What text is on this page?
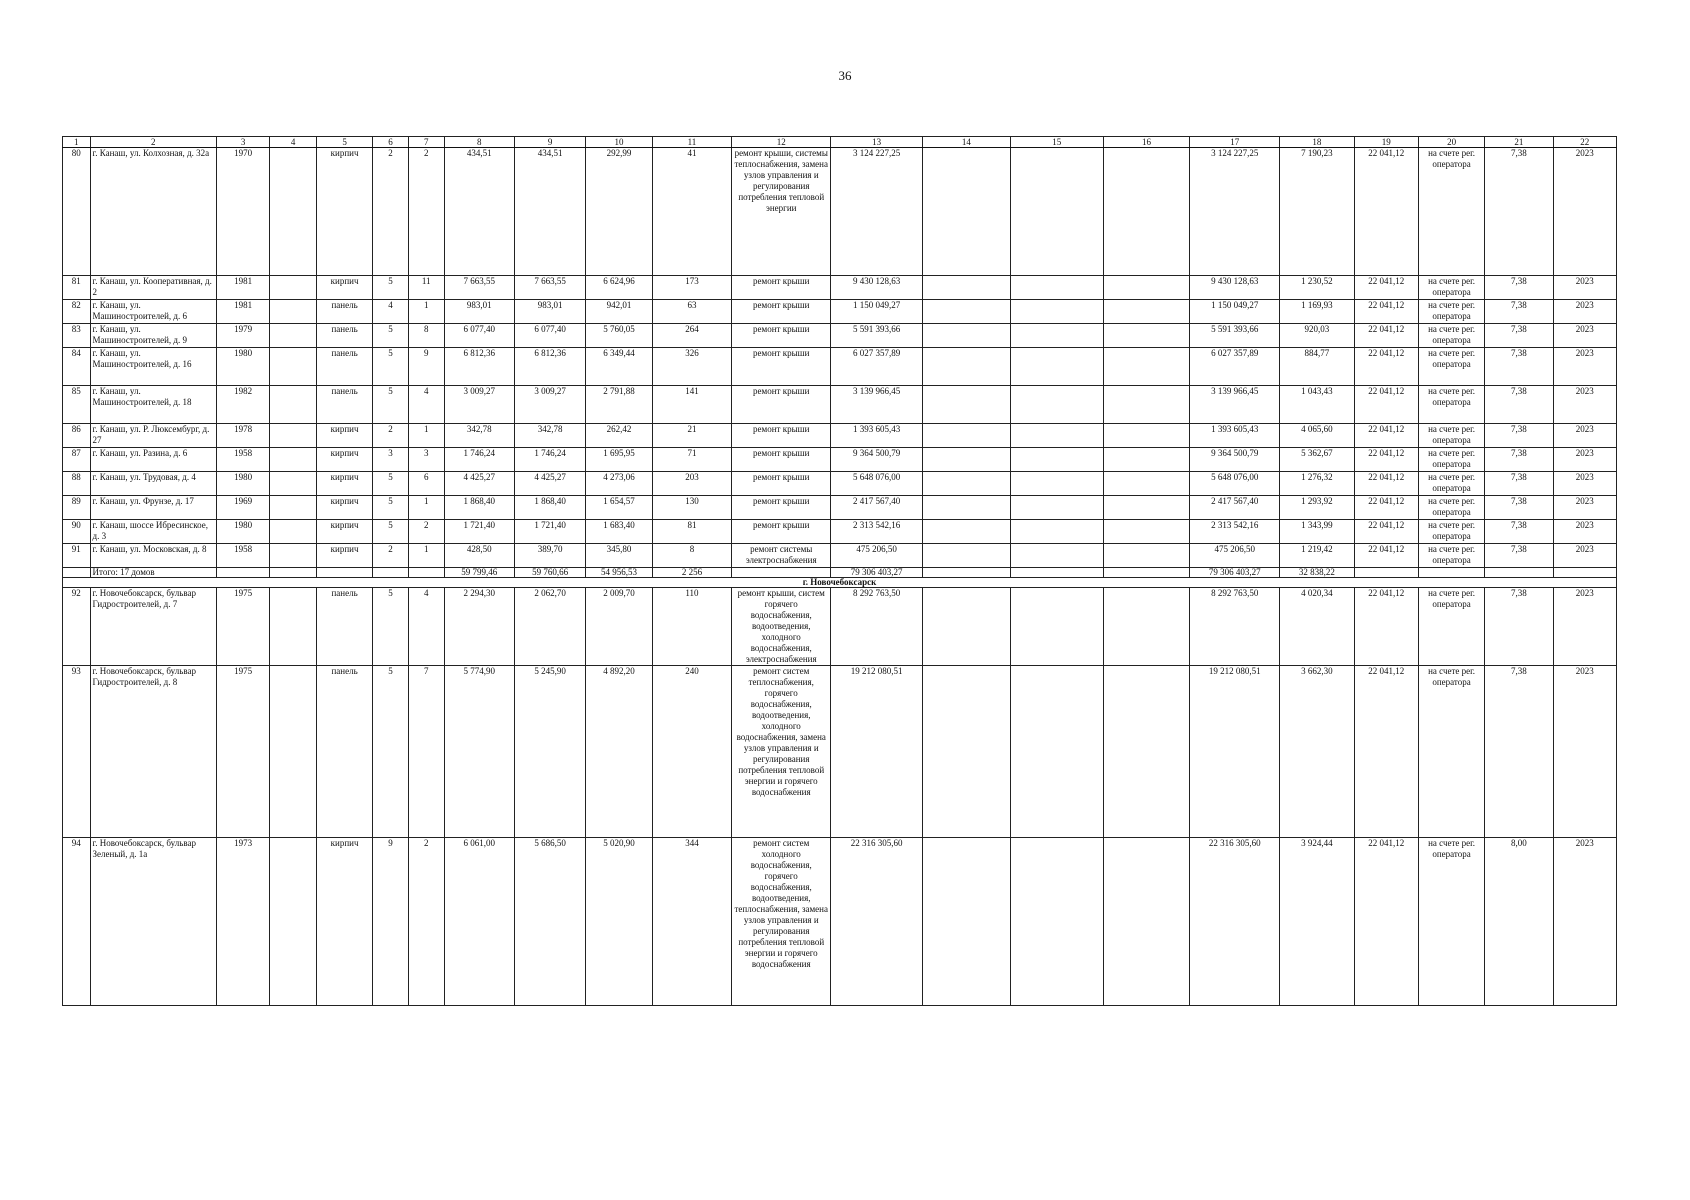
36
1	2	3	4	5	6	7	8	9	10	11	12	13	14	15	16	17	18	19	20	21	22
80	г. Канаш, ул. Колхозная, д. 32а	1970		кирпич	2	2	434,51	434,51	292,99	41	ремонт крыши, системы теплоснабжения, замена узлов управления и регулирования потребления тепловой энергии	3 124 227,25				3 124 227,25	7 190,23	22 041,12	на счете рег. оператора	7,38	2023
81	г. Канаш, ул. Кооперативная, д. 2	1981		кирпич	5	11	7 663,55	7 663,55	6 624,96	173	ремонт крыши	9 430 128,63				9 430 128,63	1 230,52	22 041,12	на счете рег. оператора	7,38	2023
82	г. Канаш, ул. Машиностроителей, д. 6	1981		панель	4	1	983,01	983,01	942,01	63	ремонт крыши	1 150 049,27				1 150 049,27	1 169,93	22 041,12	на счете рег. оператора	7,38	2023
83	г. Канаш, ул. Машиностроителей, д. 9	1979		панель	5	8	6 077,40	6 077,40	5 760,05	264	ремонт крыши	5 591 393,66				5 591 393,66	920,03	22 041,12	на счете рег. оператора	7,38	2023
84	г. Канаш, ул. Машиностроителей, д. 16	1980		панель	5	9	6 812,36	6 812,36	6 349,44	326	ремонт крыши	6 027 357,89				6 027 357,89	884,77	22 041,12	на счете рег. оператора	7,38	2023
85	г. Канаш, ул. Машиностроителей, д. 18	1982		панель	5	4	3 009,27	3 009,27	2 791,88	141	ремонт крыши	3 139 966,45				3 139 966,45	1 043,43	22 041,12	на счете рег. оператора	7,38	2023
86	г. Канаш, ул. Р. Люксембург, д. 27	1978		кирпич	2	1	342,78	342,78	262,42	21	ремонт крыши	1 393 605,43				1 393 605,43	4 065,60	22 041,12	на счете рег. оператора	7,38	2023
87	г. Канаш, ул. Разина, д. 6	1958		кирпич	3	3	1 746,24	1 746,24	1 695,95	71	ремонт крыши	9 364 500,79				9 364 500,79	5 362,67	22 041,12	на счете рег. оператора	7,38	2023
88	г. Канаш, ул. Трудовая, д. 4	1980		кирпич	5	6	4 425,27	4 425,27	4 273,06	203	ремонт крыши	5 648 076,00				5 648 076,00	1 276,32	22 041,12	на счете рег. оператора	7,38	2023
89	г. Канаш, ул. Фрунзе, д. 17	1969		кирпич	5	1	1 868,40	1 868,40	1 654,57	130	ремонт крыши	2 417 567,40				2 417 567,40	1 293,92	22 041,12	на счете рег. оператора	7,38	2023
90	г. Канаш, шоссе Ибресинское, д. 3	1980		кирпич	5	2	1 721,40	1 721,40	1 683,40	81	ремонт крыши	2 313 542,16				2 313 542,16	1 343,99	22 041,12	на счете рег. оператора	7,38	2023
91	г. Канаш, ул. Московская, д. 8	1958		кирпич	2	1	428,50	389,70	345,80	8	ремонт системы электроснабжения	475 206,50				475 206,50	1 219,42	22 041,12	на счете рег. оператора	7,38	2023
	Итого: 17 домов						59 799,46	59 760,66	54 956,53	2 256		79 306 403,27				79 306 403,27	32 838,22				
г. Новочебоксарск																					
92	г. Новочебоксарск, бульвар Гидростроителей, д. 7	1975		панель	5	4	2 294,30	2 062,70	2 009,70	110	ремонт крыши, систем горячего водоснабжения, водоотведения, холодного водоснабжения, электроснабжения	8 292 763,50				8 292 763,50	4 020,34	22 041,12	на счете рег. оператора	7,38	2023
93	г. Новочебоксарск, бульвар Гидростроителей, д. 8	1975		панель	5	7	5 774,90	5 245,90	4 892,20	240	ремонт систем теплоснабжения, горячего водоснабжения, водоотведения, холодного водоснабжения, замена узлов управления и регулирования потребления тепловой энергии и горячего водоснабжения	19 212 080,51				19 212 080,51	3 662,30	22 041,12	на счете рег. оператора	7,38	2023
94	г. Новочебоксарск, бульвар Зеленый, д. 1а	1973		кирпич	9	2	6 061,00	5 686,50	5 020,90	344	ремонт систем холодного водоснабжения, горячего водоснабжения, водоотведения, теплоснабжения, замена узлов управления и регулирования потребления тепловой энергии и горячего водоснабжения	22 316 305,60				22 316 305,60	3 924,44	22 041,12	на счете рег. оператора	8,00	2023
